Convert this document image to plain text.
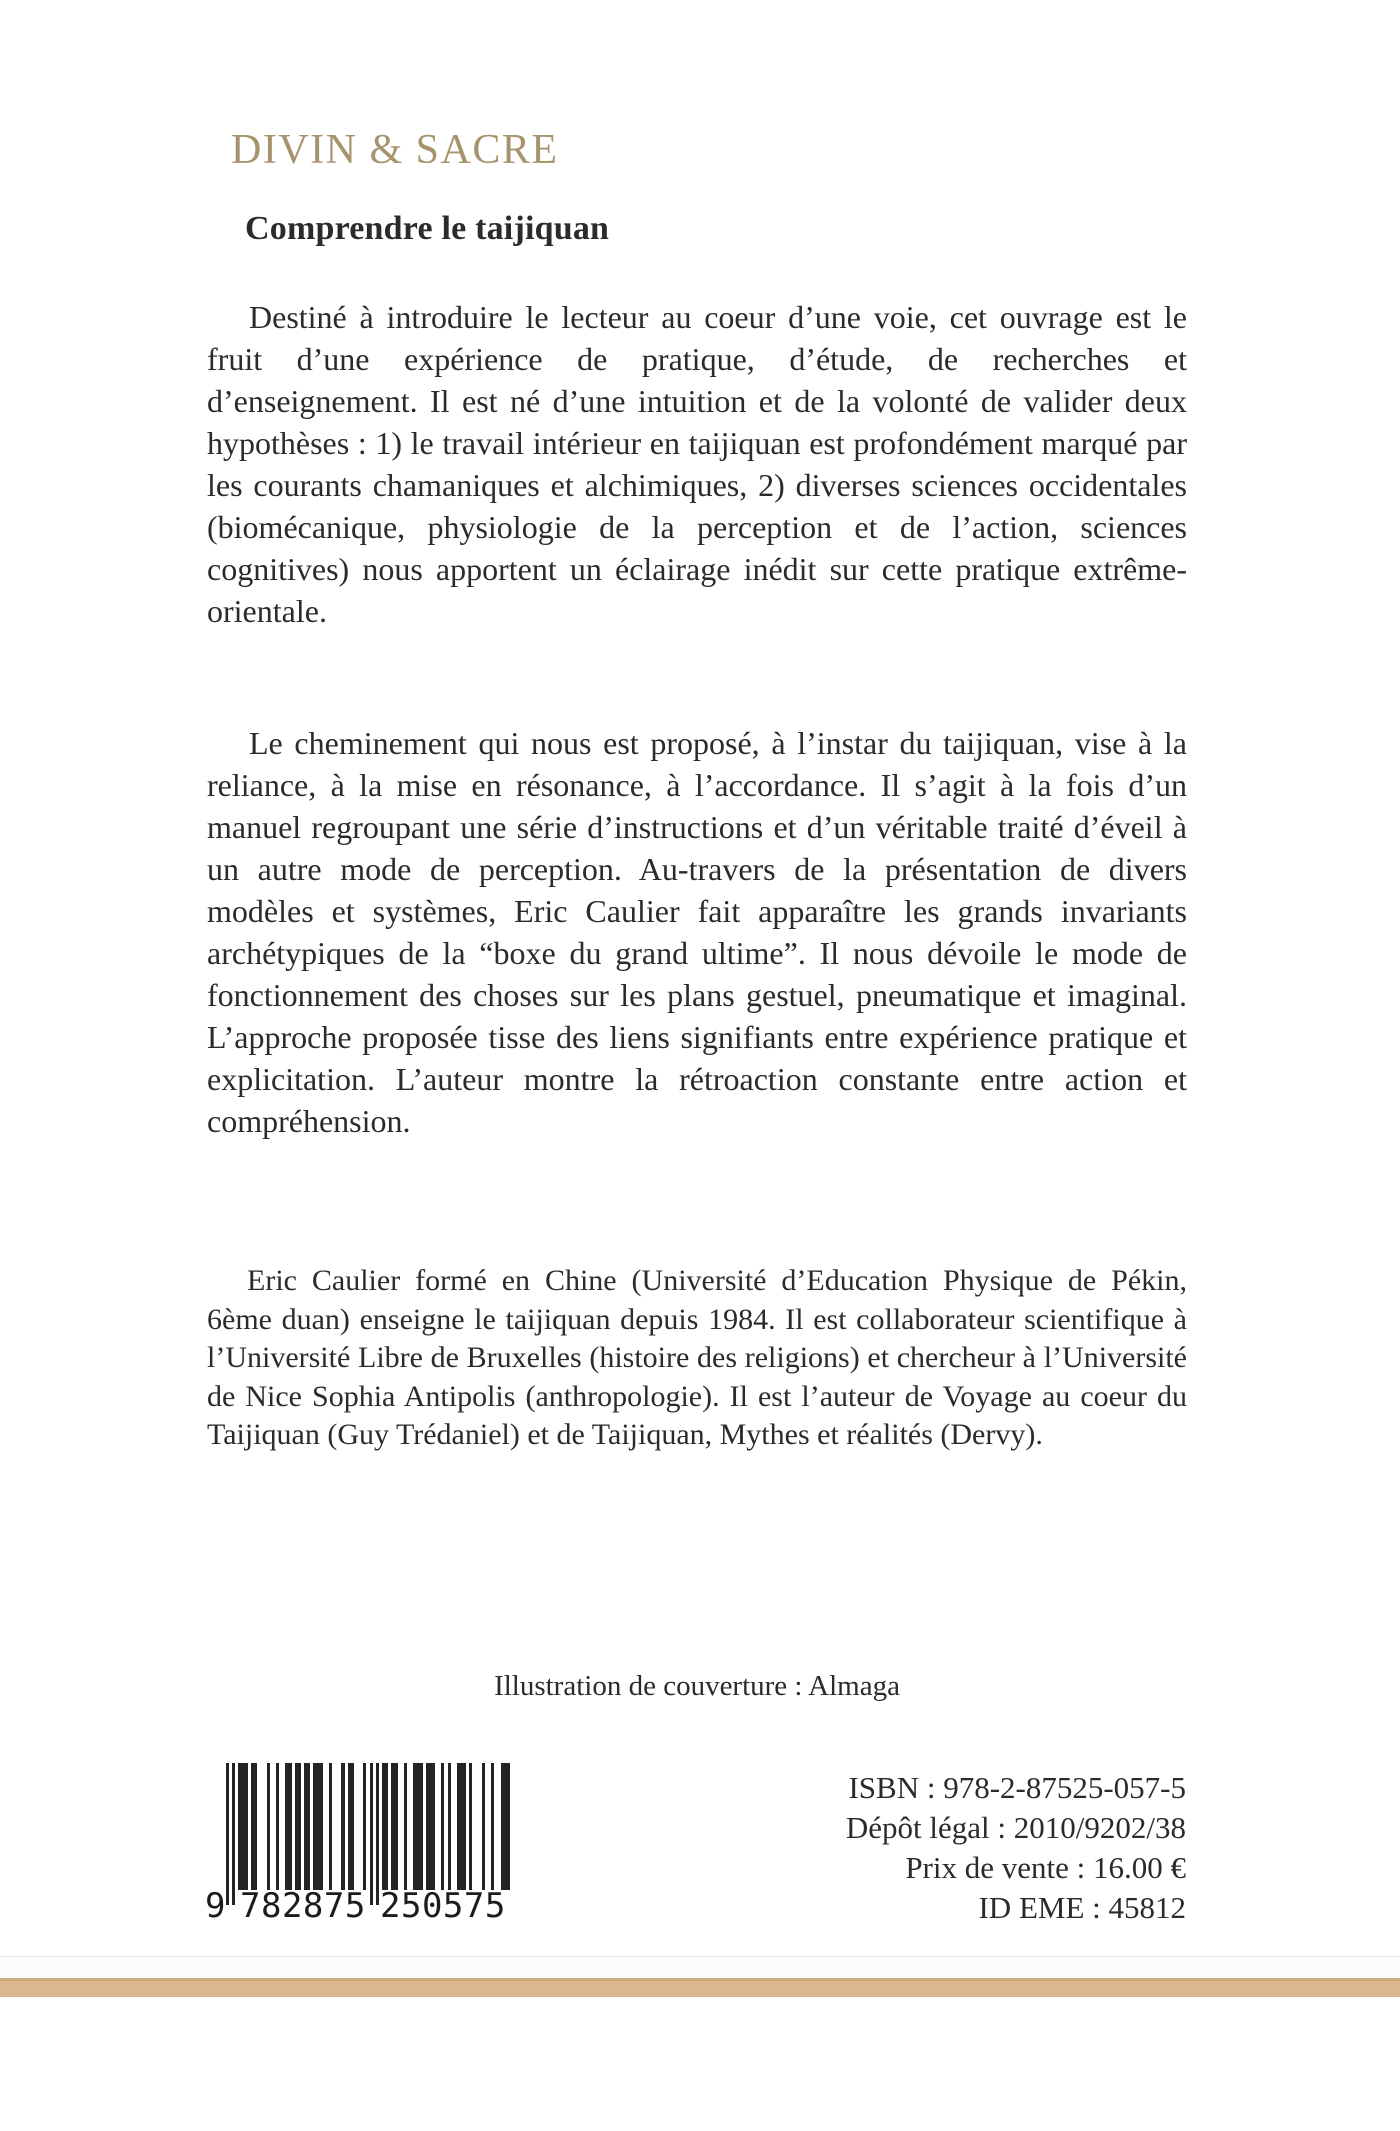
DIVIN & SACRE
Comprendre le taijiquan
Destiné à introduire le lecteur au coeur d’une voie, cet ouvrage est le fruit d’une expérience de pratique, d’étude, de recherches et d’enseignement. Il est né d’une intuition et de la volonté de valider deux hypothèses : 1) le travail intérieur en taijiquan est profondément marqué par les courants chamaniques et alchimiques, 2) diverses sciences occidentales (biomécanique, physiologie de la perception et de l’action, sciences cognitives) nous apportent un éclairage inédit sur cette pratique extrême-orientale.
Le cheminement qui nous est proposé, à l’instar du taijiquan, vise à la reliance, à la mise en résonance, à l’accordance. Il s’agit à la fois d’un manuel regroupant une série d’instructions et d’un véritable traité d’éveil à un autre mode de perception. Au-travers de la présentation de divers modèles et systèmes, Eric Caulier fait apparaître les grands invariants archétypiques de la “boxe du grand ultime”. Il nous dévoile le mode de fonctionnement des choses sur les plans gestuel, pneumatique et imaginal. L’approche proposée tisse des liens signifiants entre expérience pratique et explicitation. L’auteur montre la rétroaction constante entre action et compréhension.
Eric Caulier formé en Chine (Université d’Education Physique de Pékin, 6ème duan) enseigne le taijiquan depuis 1984. Il est collaborateur scientifique à l’Université Libre de Bruxelles (histoire des religions) et chercheur à l’Université de Nice Sophia Antipolis (anthropologie). Il est l’auteur de Voyage au coeur du Taijiquan (Guy Trédaniel) et de Taijiquan, Mythes et réalités (Dervy).
Illustration de couverture : Almaga
9 782875 250575
ISBN : 978-2-87525-057-5
Dépôt légal : 2010/9202/38
Prix de vente : 16.00 €
ID EME : 45812
